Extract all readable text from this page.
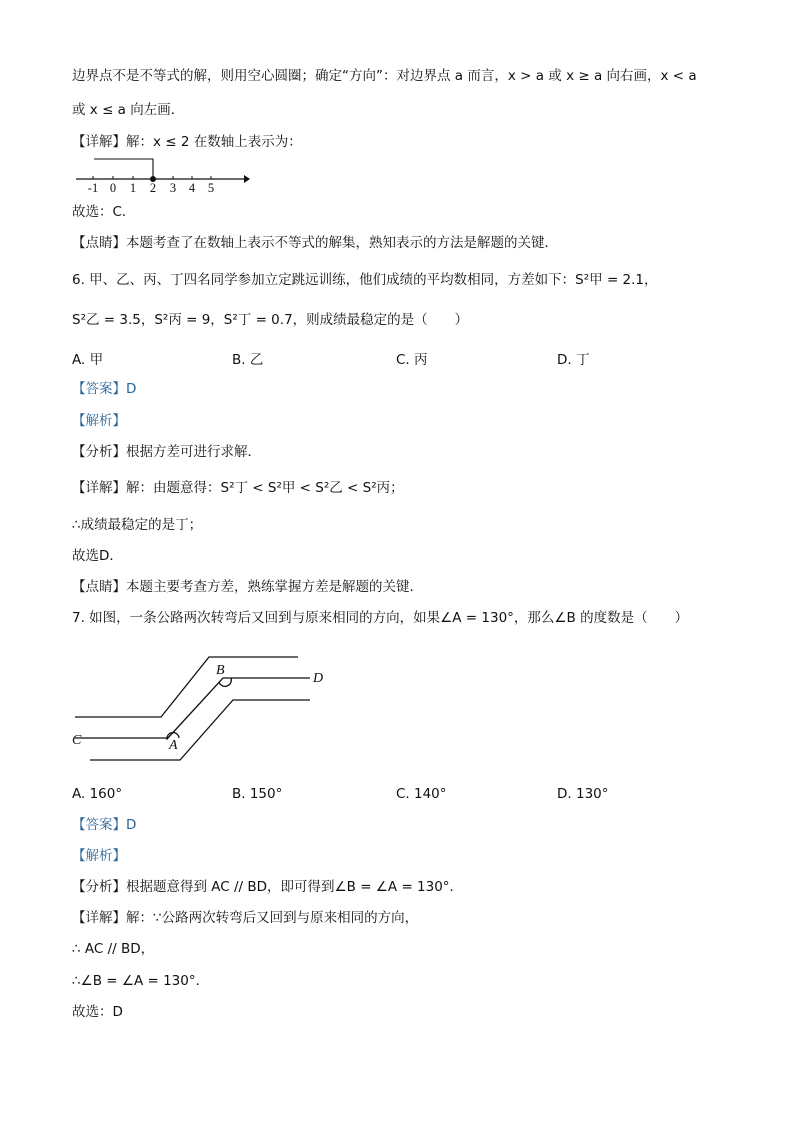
边界点不是不等式的解，则用空心圆圈；确定“方向”：对边界点 a 而言，x > a 或 x ≥ a 向右画，x < a
或 x ≤ a 向左画．
【详解】解：x ≤ 2 在数轴上表示为：
-1 0 1 2 3 4 5
故选：C．
【点睛】本题考查了在数轴上表示不等式的解集，熟知表示的方法是解题的关键．
6. 甲、乙、丙、丁四名同学参加立定跳远训练，他们成绩的平均数相同，方差如下：S²甲 = 2.1，
S²乙 = 3.5，S²丙 = 9，S²丁 = 0.7，则成绩最稳定的是（　　）
A. 甲	B. 乙	C. 丙	D. 丁
【答案】D
【解析】
【分析】根据方差可进行求解．
【详解】解：由题意得：S²丁 < S²甲 < S²乙 < S²丙；
∴成绩最稳定的是丁；
故选D．
【点睛】本题主要考查方差，熟练掌握方差是解题的关键．
7. 如图，一条公路两次转弯后又回到与原来相同的方向，如果∠A = 130°，那么∠B 的度数是（　　）
B
D
C	A
A. 160°	B. 150°	C. 140°	D. 130°
【答案】D
【解析】
【分析】根据题意得到 AC // BD，即可得到∠B = ∠A = 130°．
【详解】解：∵公路两次转弯后又回到与原来相同的方向，
∴ AC // BD，
∴∠B = ∠A = 130°．
故选：D
